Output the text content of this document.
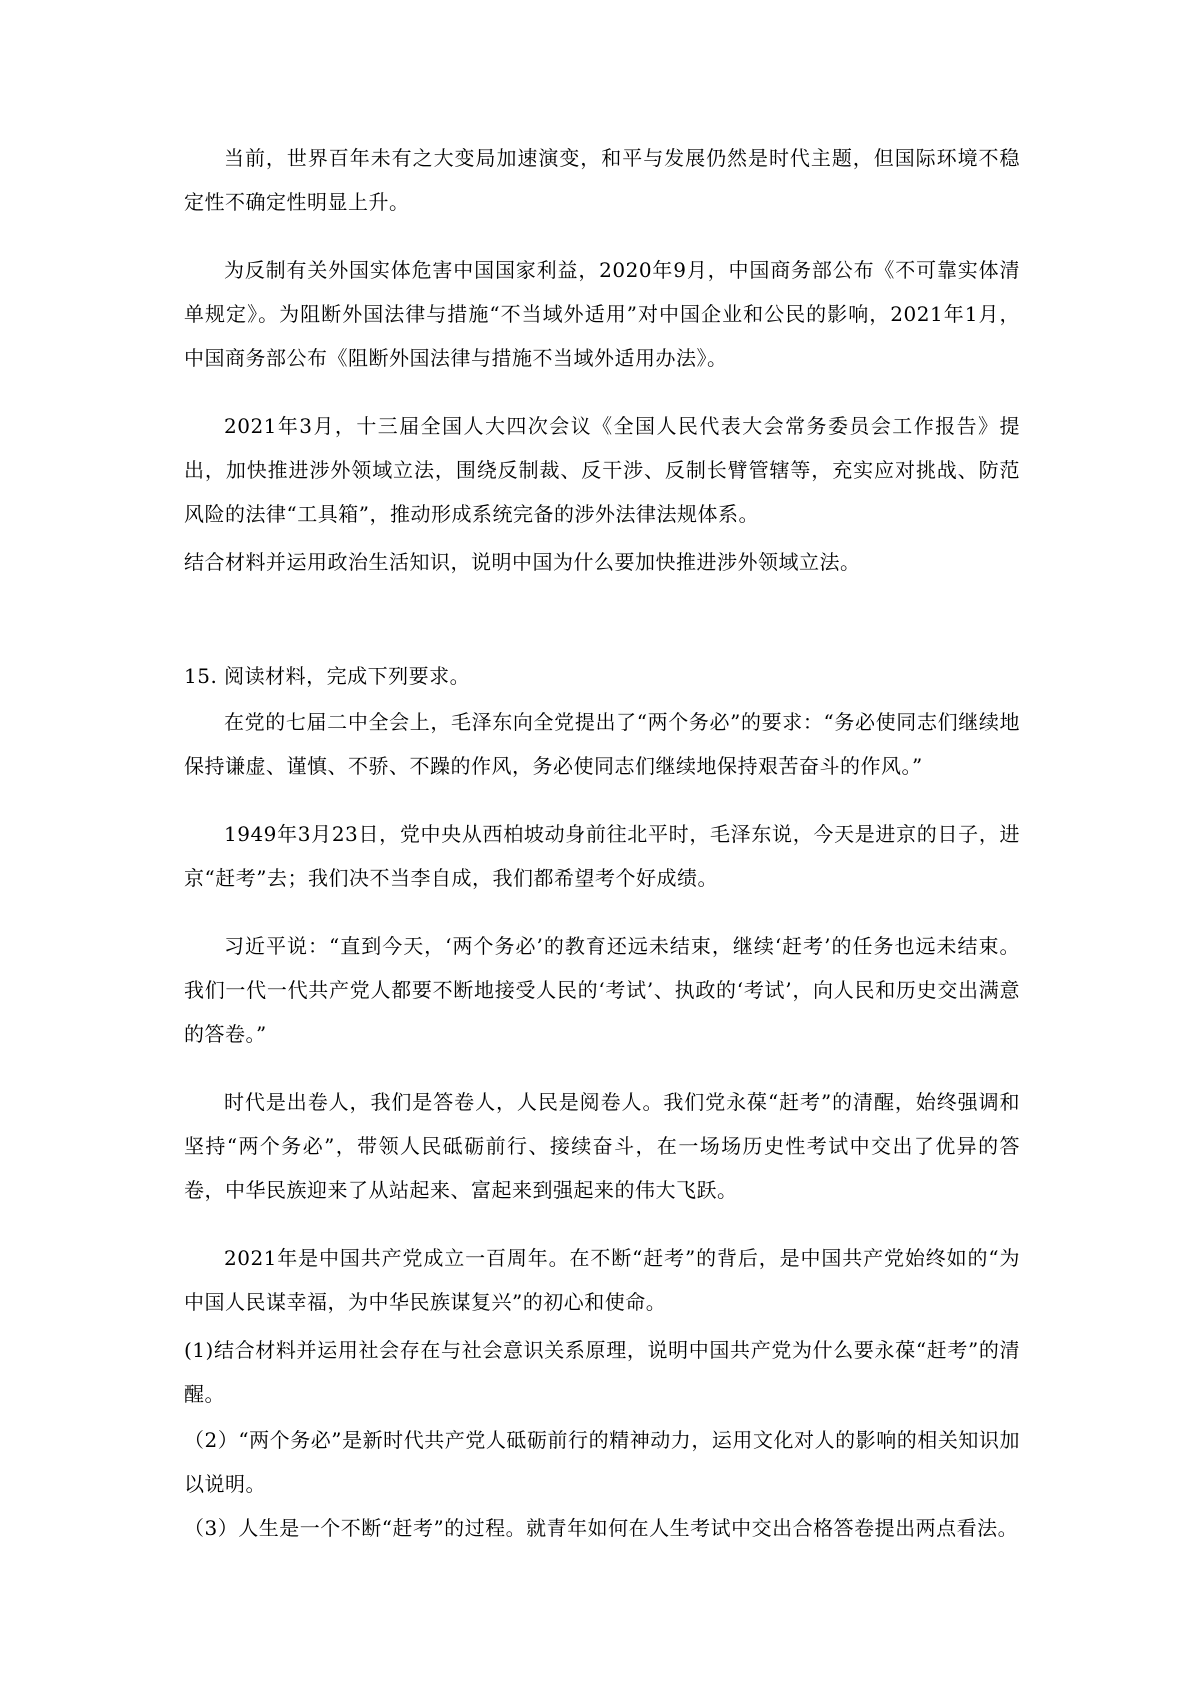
当前，世界百年未有之大变局加速演变，和平与发展仍然是时代主题，但国际环境不稳定性不确定性明显上升。

为反制有关外国实体危害中国国家利益，2020年9月，中国商务部公布《不可靠实体清单规定》。为阻断外国法律与措施“不当域外适用”对中国企业和公民的影响，2021年1月，中国商务部公布《阻断外国法律与措施不当域外适用办法》。

2021年3月，十三届全国人大四次会议《全国人民代表大会常务委员会工作报告》提出，加快推进涉外领域立法，围绕反制裁、反干涉、反制长臂管辖等，充实应对挑战、防范风险的法律“工具箱”，推动形成系统完备的涉外法律法规体系。

结合材料并运用政治生活知识，说明中国为什么要加快推进涉外领域立法。

15. 阅读材料，完成下列要求。

在党的七届二中全会上，毛泽东向全党提出了“两个务必”的要求：“务必使同志们继续地保持谦虚、谨慎、不骄、不躁的作风，务必使同志们继续地保持艰苦奋斗的作风。”

1949年3月23日，党中央从西柏坡动身前往北平时，毛泽东说，今天是进京的日子，进京“赶考”去；我们决不当李自成，我们都希望考个好成绩。

习近平说：“直到今天，‘两个务必’的教育还远未结束，继续‘赶考’的任务也远未结束。我们一代一代共产党人都要不断地接受人民的‘考试’、执政的‘考试’，向人民和历史交出满意的答卷。”

时代是出卷人，我们是答卷人，人民是阅卷人。我们党永葆“赶考”的清醒，始终强调和坚持“两个务必”，带领人民砥砺前行、接续奋斗，在一场场历史性考试中交出了优异的答卷，中华民族迎来了从站起来、富起来到强起来的伟大飞跃。

2021年是中国共产党成立一百周年。在不断“赶考”的背后，是中国共产党始终如的“为中国人民谋幸福，为中华民族谋复兴”的初心和使命。

(1)结合材料并运用社会存在与社会意识关系原理，说明中国共产党为什么要永葆“赶考”的清醒。

（2）“两个务必”是新时代共产党人砥砺前行的精神动力，运用文化对人的影响的相关知识加以说明。

（3）人生是一个不断“赶考”的过程。就青年如何在人生考试中交出合格答卷提出两点看法。
